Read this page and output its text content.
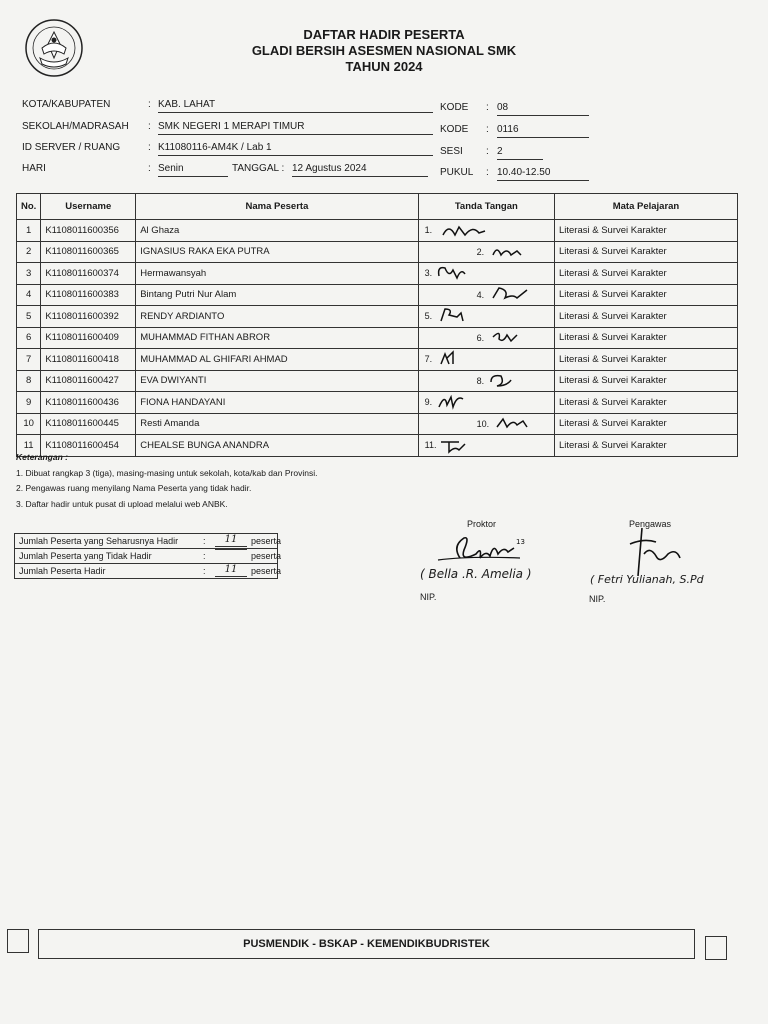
DAFTAR HADIR PESERTA
GLADI BERSIH ASESMEN NASIONAL SMK
TAHUN 2024
KOTA/KABUPATEN	: KAB. LAHAT
SEKOLAH/MADRASAH : SMK NEGERI 1 MERAPI TIMUR
ID SERVER / RUANG	: K11080116-AM4K / Lab 1
HARI	: Senin	TANGGAL : 12 Agustus 2024
KODE : 08
KODE : 0116
SESI : 2
PUKUL : 10.40-12.50
No.	Username	Nama Peserta	Tanda Tangan	Mata Pelajaran
1	K1108011600356	Al Ghaza	1.	Literasi & Survei Karakter
2	K1108011600365	IGNASIUS RAKA EKA PUTRA	2.	Literasi & Survei Karakter
3	K1108011600374	Hermawansyah	3.	Literasi & Survei Karakter
4	K1108011600383	Bintang Putri Nur Alam	4.	Literasi & Survei Karakter
5	K1108011600392	RENDY ARDIANTO	5.	Literasi & Survei Karakter
6	K1108011600409	MUHAMMAD FITHAN ABROR	6.	Literasi & Survei Karakter
7	K1108011600418	MUHAMMAD AL GHIFARI AHMAD	7.	Literasi & Survei Karakter
8	K1108011600427	EVA DWIYANTI	8.	Literasi & Survei Karakter
9	K1108011600436	FIONA HANDAYANI	9.	Literasi & Survei Karakter
10	K1108011600445	Resti Amanda	10.	Literasi & Survei Karakter
11	K1108011600454	CHEALSE BUNGA ANANDRA	11.	Literasi & Survei Karakter
Keterangan :
1. Dibuat rangkap 3 (tiga), masing-masing untuk sekolah, kota/kab dan Provinsi.
2. Pengawas ruang menyilang Nama Peserta yang tidak hadir.
3. Daftar hadir untuk pusat di upload melalui web ANBK.
Jumlah Peserta yang Seharusnya Hadir	:	11	peserta
Jumlah Peserta yang Tidak Hadir	:	peserta
Jumlah Peserta Hadir	:	11	peserta
Proktor
13
( Bella .R. Amelia )
NIP.
Pengawas
( Fetri Yulianah, S.Pd
NIP.
PUSMENDIK - BSKAP - KEMENDIKBUDRISTEK
